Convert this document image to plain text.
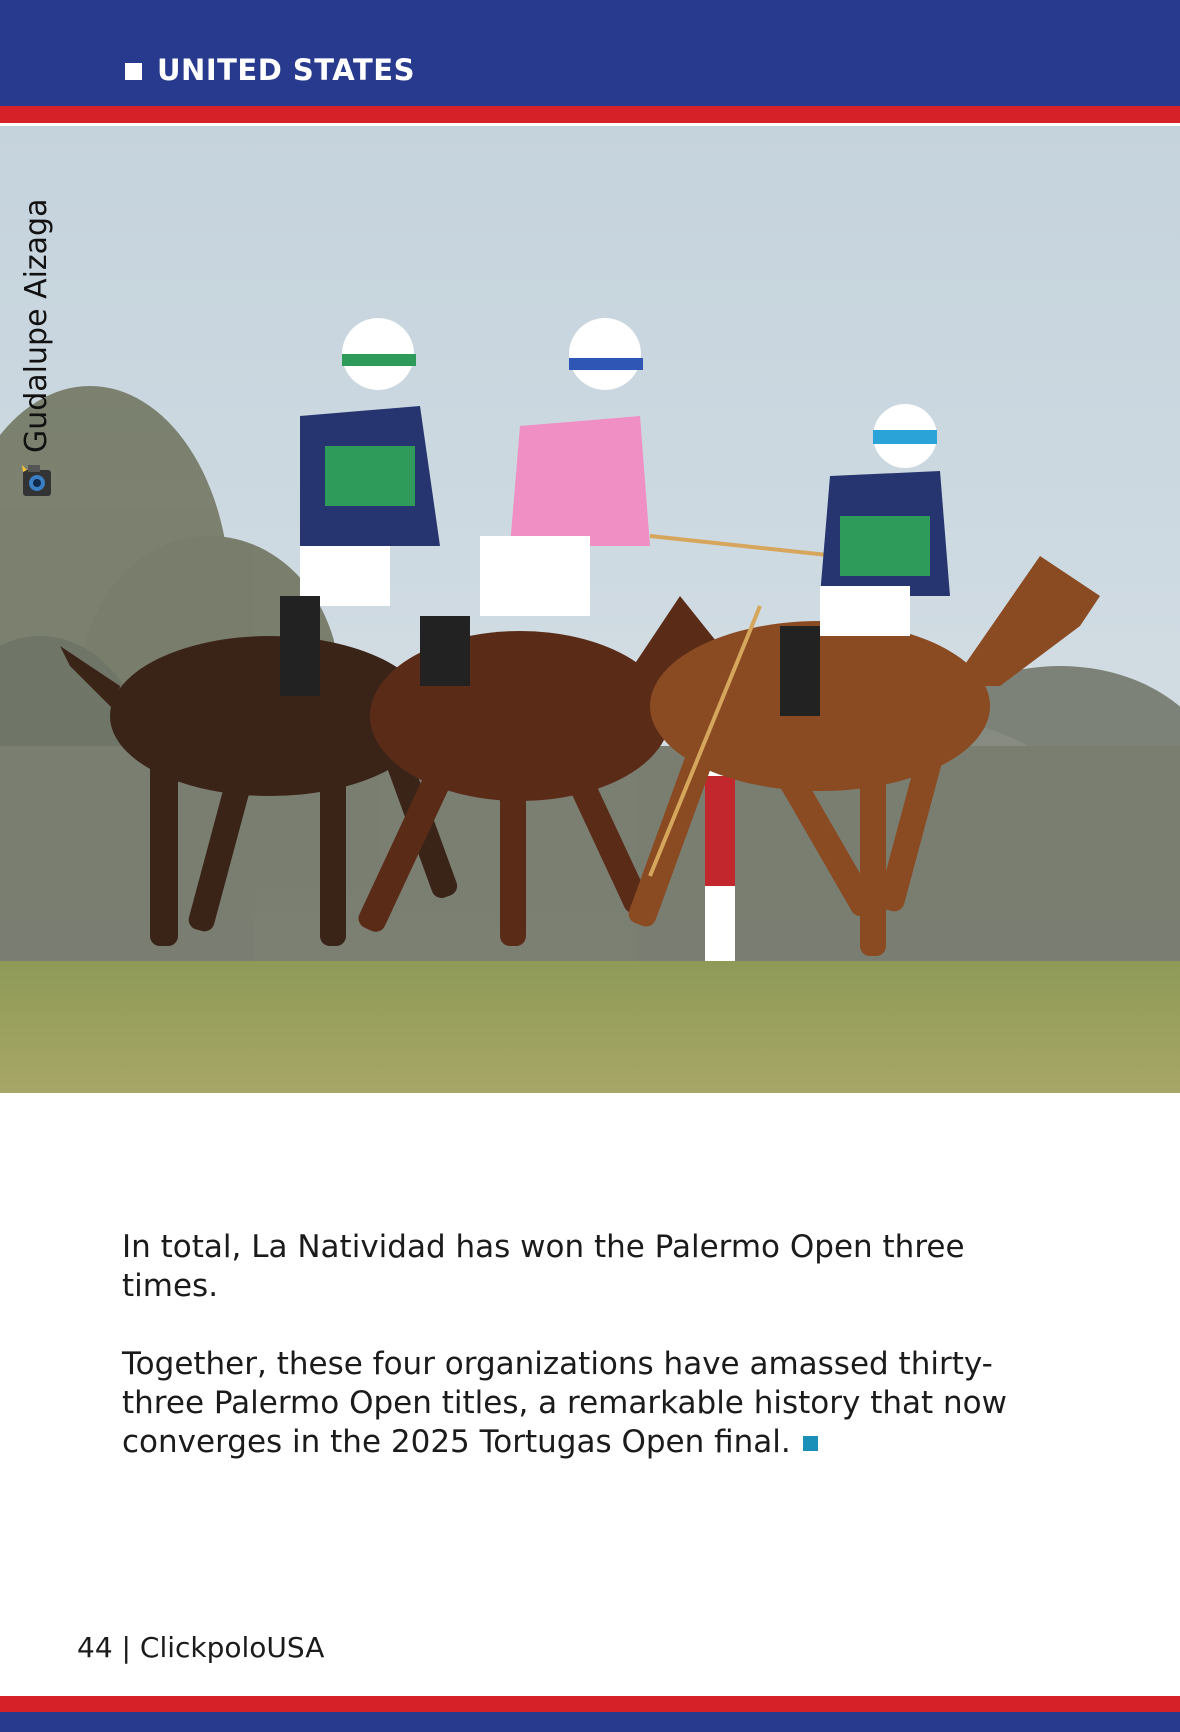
UNITED STATES
Gudalupe Aizaga
In total, La Natividad has won the Palermo Open three times.
Together, these four organizations have amassed thirty-three Palermo Open titles, a remarkable history that now converges in the 2025 Tortugas Open final.
44 | ClickpoloUSA
